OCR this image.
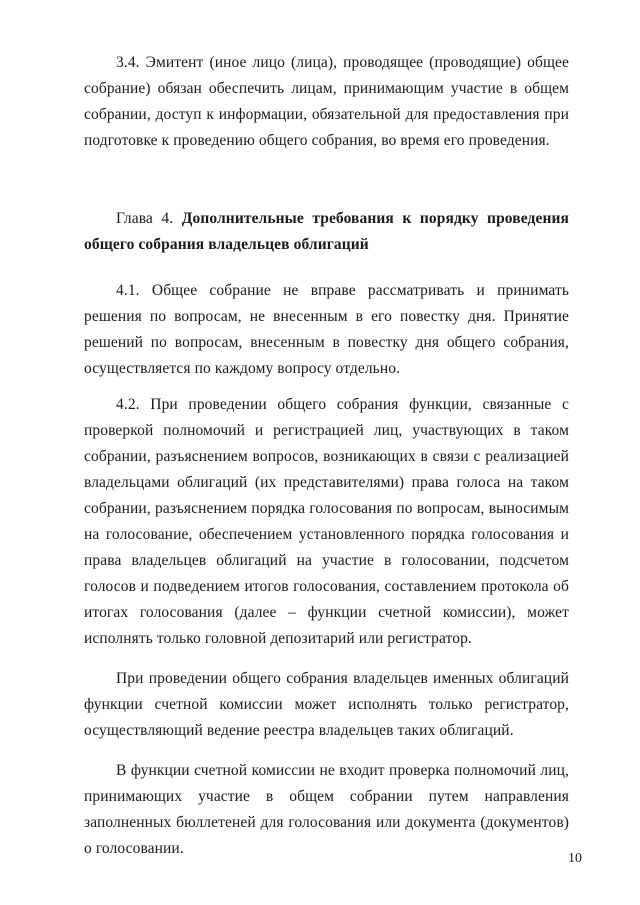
3.4. Эмитент (иное лицо (лица), проводящее (проводящие) общее собрание) обязан обеспечить лицам, принимающим участие в общем собрании, доступ к информации, обязательной для предоставления при подготовке к проведению общего собрания, во время его проведения.

Глава 4. Дополнительные требования к порядку проведения общего собрания владельцев облигаций

4.1. Общее собрание не вправе рассматривать и принимать решения по вопросам, не внесенным в его повестку дня. Принятие решений по вопросам, внесенным в повестку дня общего собрания, осуществляется по каждому вопросу отдельно.

4.2. При проведении общего собрания функции, связанные с проверкой полномочий и регистрацией лиц, участвующих в таком собрании, разъяснением вопросов, возникающих в связи с реализацией владельцами облигаций (их представителями) права голоса на таком собрании, разъяснением порядка голосования по вопросам, выносимым на голосование, обеспечением установленного порядка голосования и права владельцев облигаций на участие в голосовании, подсчетом голосов и подведением итогов голосования, составлением протокола об итогах голосования (далее – функции счетной комиссии), может исполнять только головной депозитарий или регистратор.

При проведении общего собрания владельцев именных облигаций функции счетной комиссии может исполнять только регистратор, осуществляющий ведение реестра владельцев таких облигаций.

В функции счетной комиссии не входит проверка полномочий лиц, принимающих участие в общем собрании путем направления заполненных бюллетеней для голосования или документа (документов) о голосовании.

10
